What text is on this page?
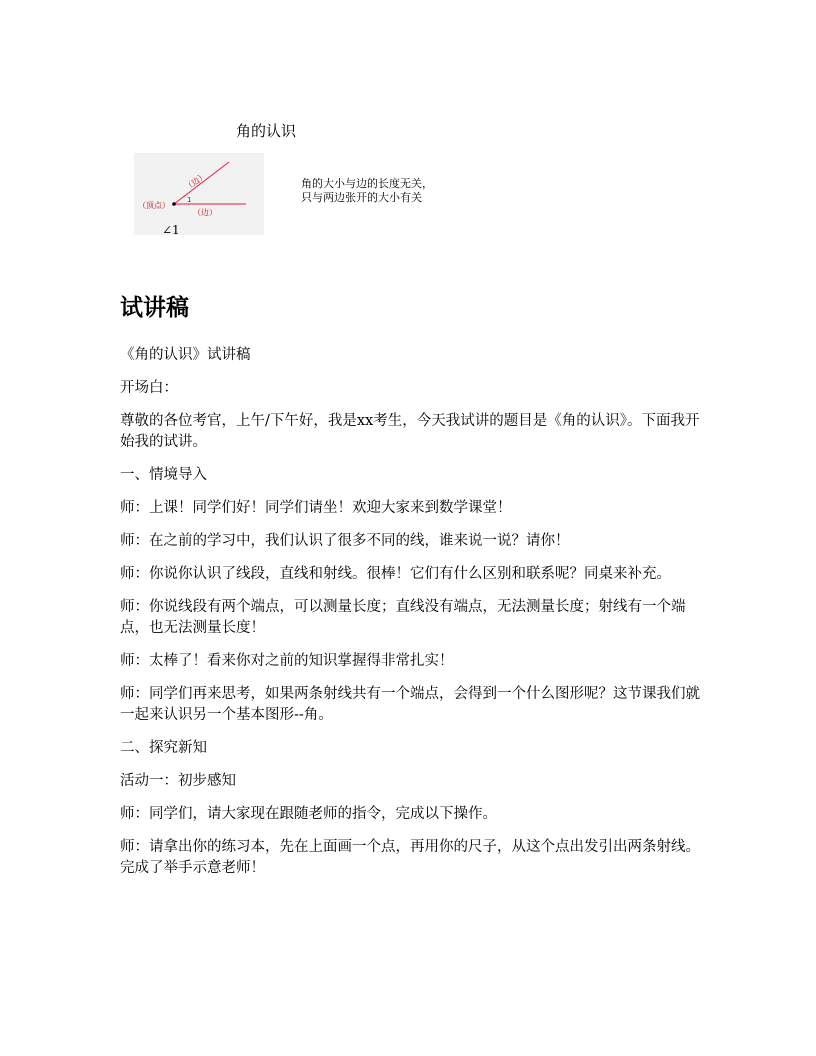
角的认识
（边）
（顶点）
（边）
1
∠1
角的大小与边的长度无关，
只与两边张开的大小有关
试讲稿

《角的认识》试讲稿

开场白：

尊敬的各位考官，上午/下午好，我是xx考生，今天我试讲的题目是《角的认识》。下面我开始我的试讲。

一、情境导入

师：上课！同学们好！同学们请坐！欢迎大家来到数学课堂！

师：在之前的学习中，我们认识了很多不同的线，谁来说一说？请你！

师：你说你认识了线段，直线和射线。很棒！它们有什么区别和联系呢？同桌来补充。

师：你说线段有两个端点，可以测量长度；直线没有端点，无法测量长度；射线有一个端点，也无法测量长度！

师：太棒了！看来你对之前的知识掌握得非常扎实！

师：同学们再来思考，如果两条射线共有一个端点，会得到一个什么图形呢？这节课我们就一起来认识另一个基本图形--角。

二、探究新知

活动一：初步感知

师：同学们，请大家现在跟随老师的指令，完成以下操作。

师：请拿出你的练习本，先在上面画一个点，再用你的尺子，从这个点出发引出两条射线。完成了举手示意老师！
